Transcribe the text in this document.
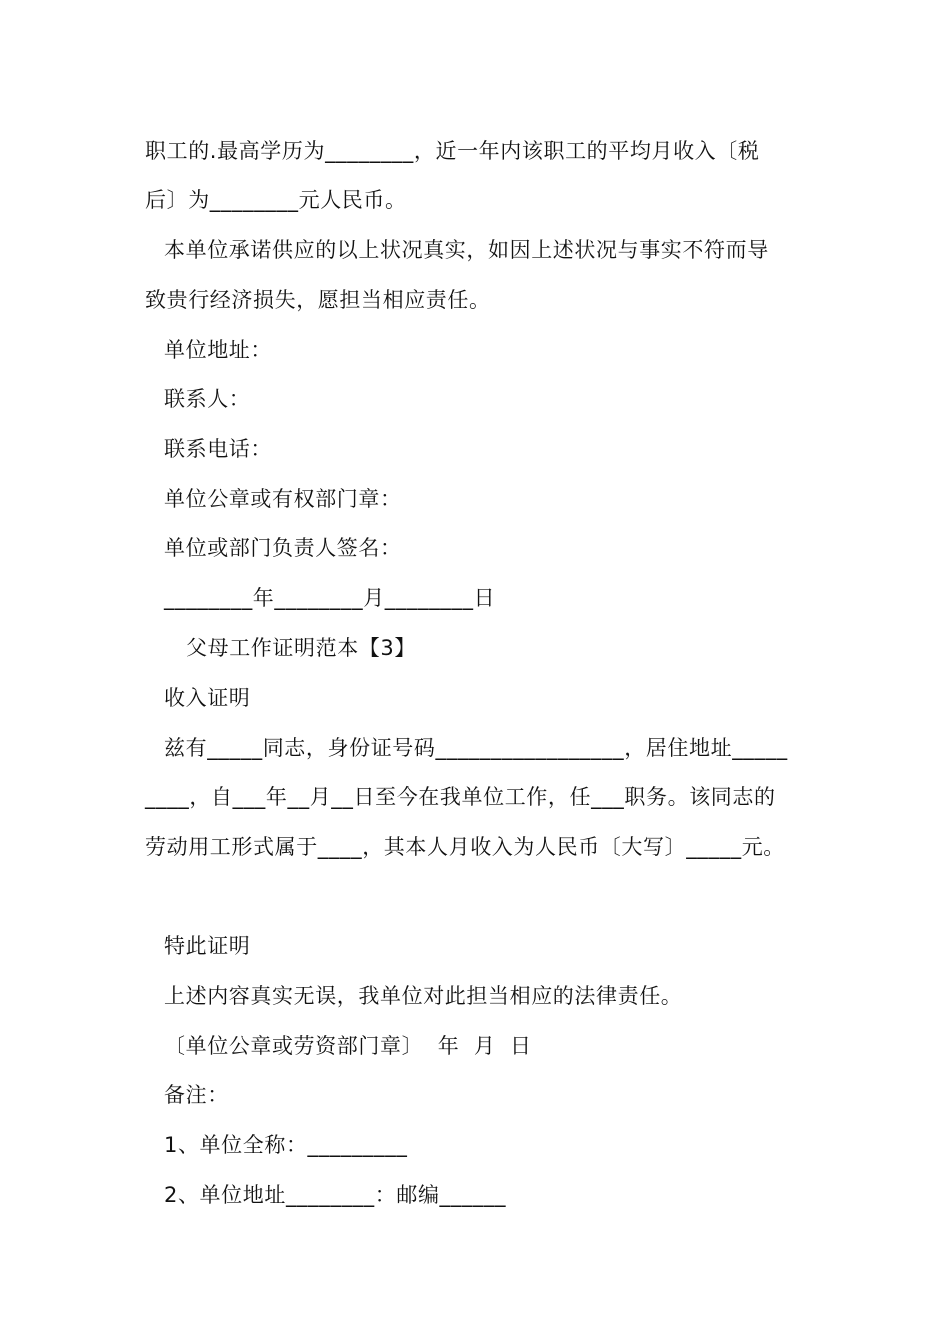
职工的.最高学历为________，近一年内该职工的平均月收入〔税
后〕为________元人民币。
本单位承诺供应的以上状况真实，如因上述状况与事实不符而导
致贵行经济损失，愿担当相应责任。
单位地址：
联系人：
联系电话：
单位公章或有权部门章：
单位或部门负责人签名：
________年________月________日
父母工作证明范本【3】
收入证明
兹有_____同志，身份证号码_________________，居住地址_____
____，自___年__月__日至今在我单位工作，任___职务。该同志的
劳动用工形式属于____，其本人月收入为人民币〔大写〕_____元。
特此证明
上述内容真实无误，我单位对此担当相应的法律责任。
〔单位公章或劳资部门章〕  年  月  日
备注：
1、单位全称：_________
2、单位地址________：邮编______
